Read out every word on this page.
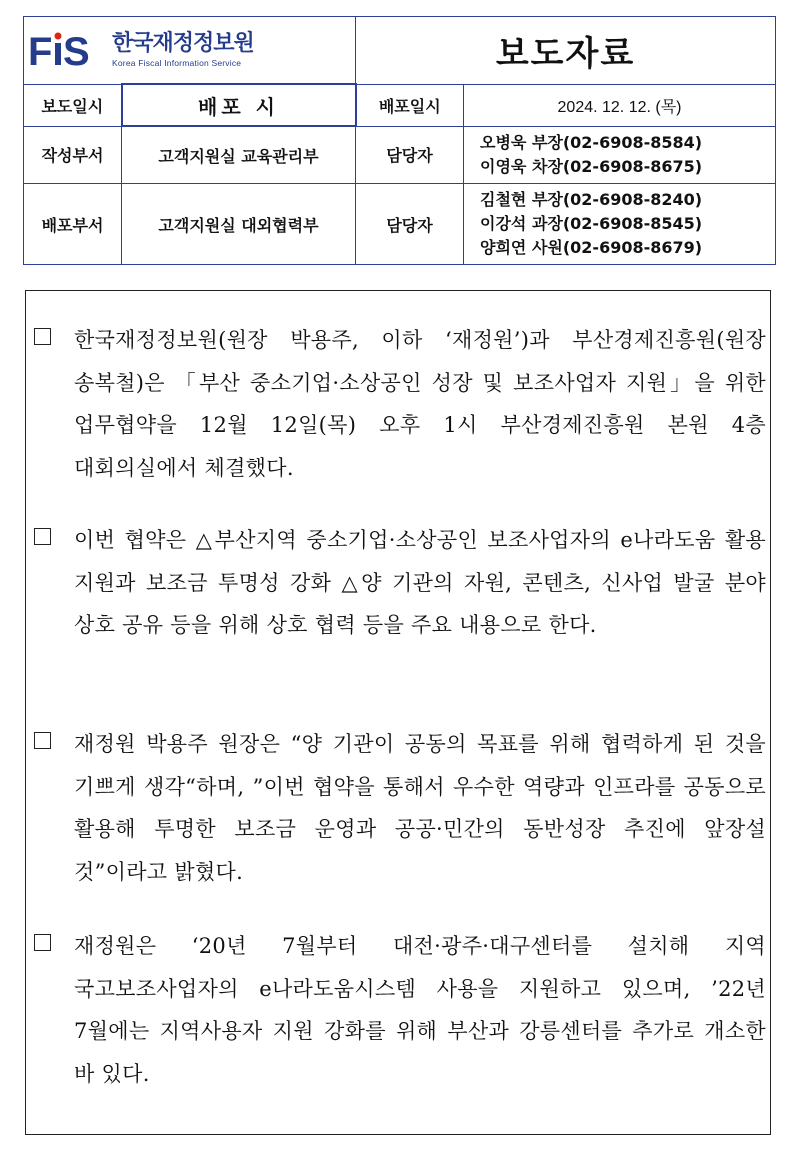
F S 한국재정정보원
Korea Fiscal Information Service		보도자료	
보도일시	배포 시	배포일시	2024. 12. 12. (목)
작성부서	고객지원실 교육관리부	담당자	오병욱 부장(02-6908-8584)
이영욱 차장(02-6908-8675)

배포부서	고객지원실 대외협력부	담당자	김철현 부장(02-6908-8240)
이강석 과장(02-6908-8545)
양희연 사원(02-6908-8679)
한국재정정보원(원장 박용주, 이하 ‘재정원’)과 부산경제진흥원(원장 송복철)은 「부산 중소기업·소상공인 성장 및 보조사업자 지원」을 위한 업무협약을 12월 12일(목) 오후 1시 부산경제진흥원 본원 4층 대회의실에서 체결했다.
이번 협약은 △부산지역 중소기업·소상공인 보조사업자의 e나라도움 활용 지원과 보조금 투명성 강화 △양 기관의 자원, 콘텐츠, 신사업 발굴 분야 상호 공유 등을 위해 상호 협력 등을 주요 내용으로 한다.
재정원 박용주 원장은 “양 기관이 공동의 목표를 위해 협력하게 된 것을 기쁘게 생각“하며, ”이번 협약을 통해서 우수한 역량과 인프라를 공동으로 활용해 투명한 보조금 운영과 공공·민간의 동반성장 추진에 앞장설 것”이라고 밝혔다.
재정원은 ‘20년 7월부터 대전·광주·대구센터를 설치해 지역 국고보조사업자의 e나라도움시스템 사용을 지원하고 있으며, ’22년 7월에는 지역사용자 지원 강화를 위해 부산과 강릉센터를 추가로 개소한 바 있다.
